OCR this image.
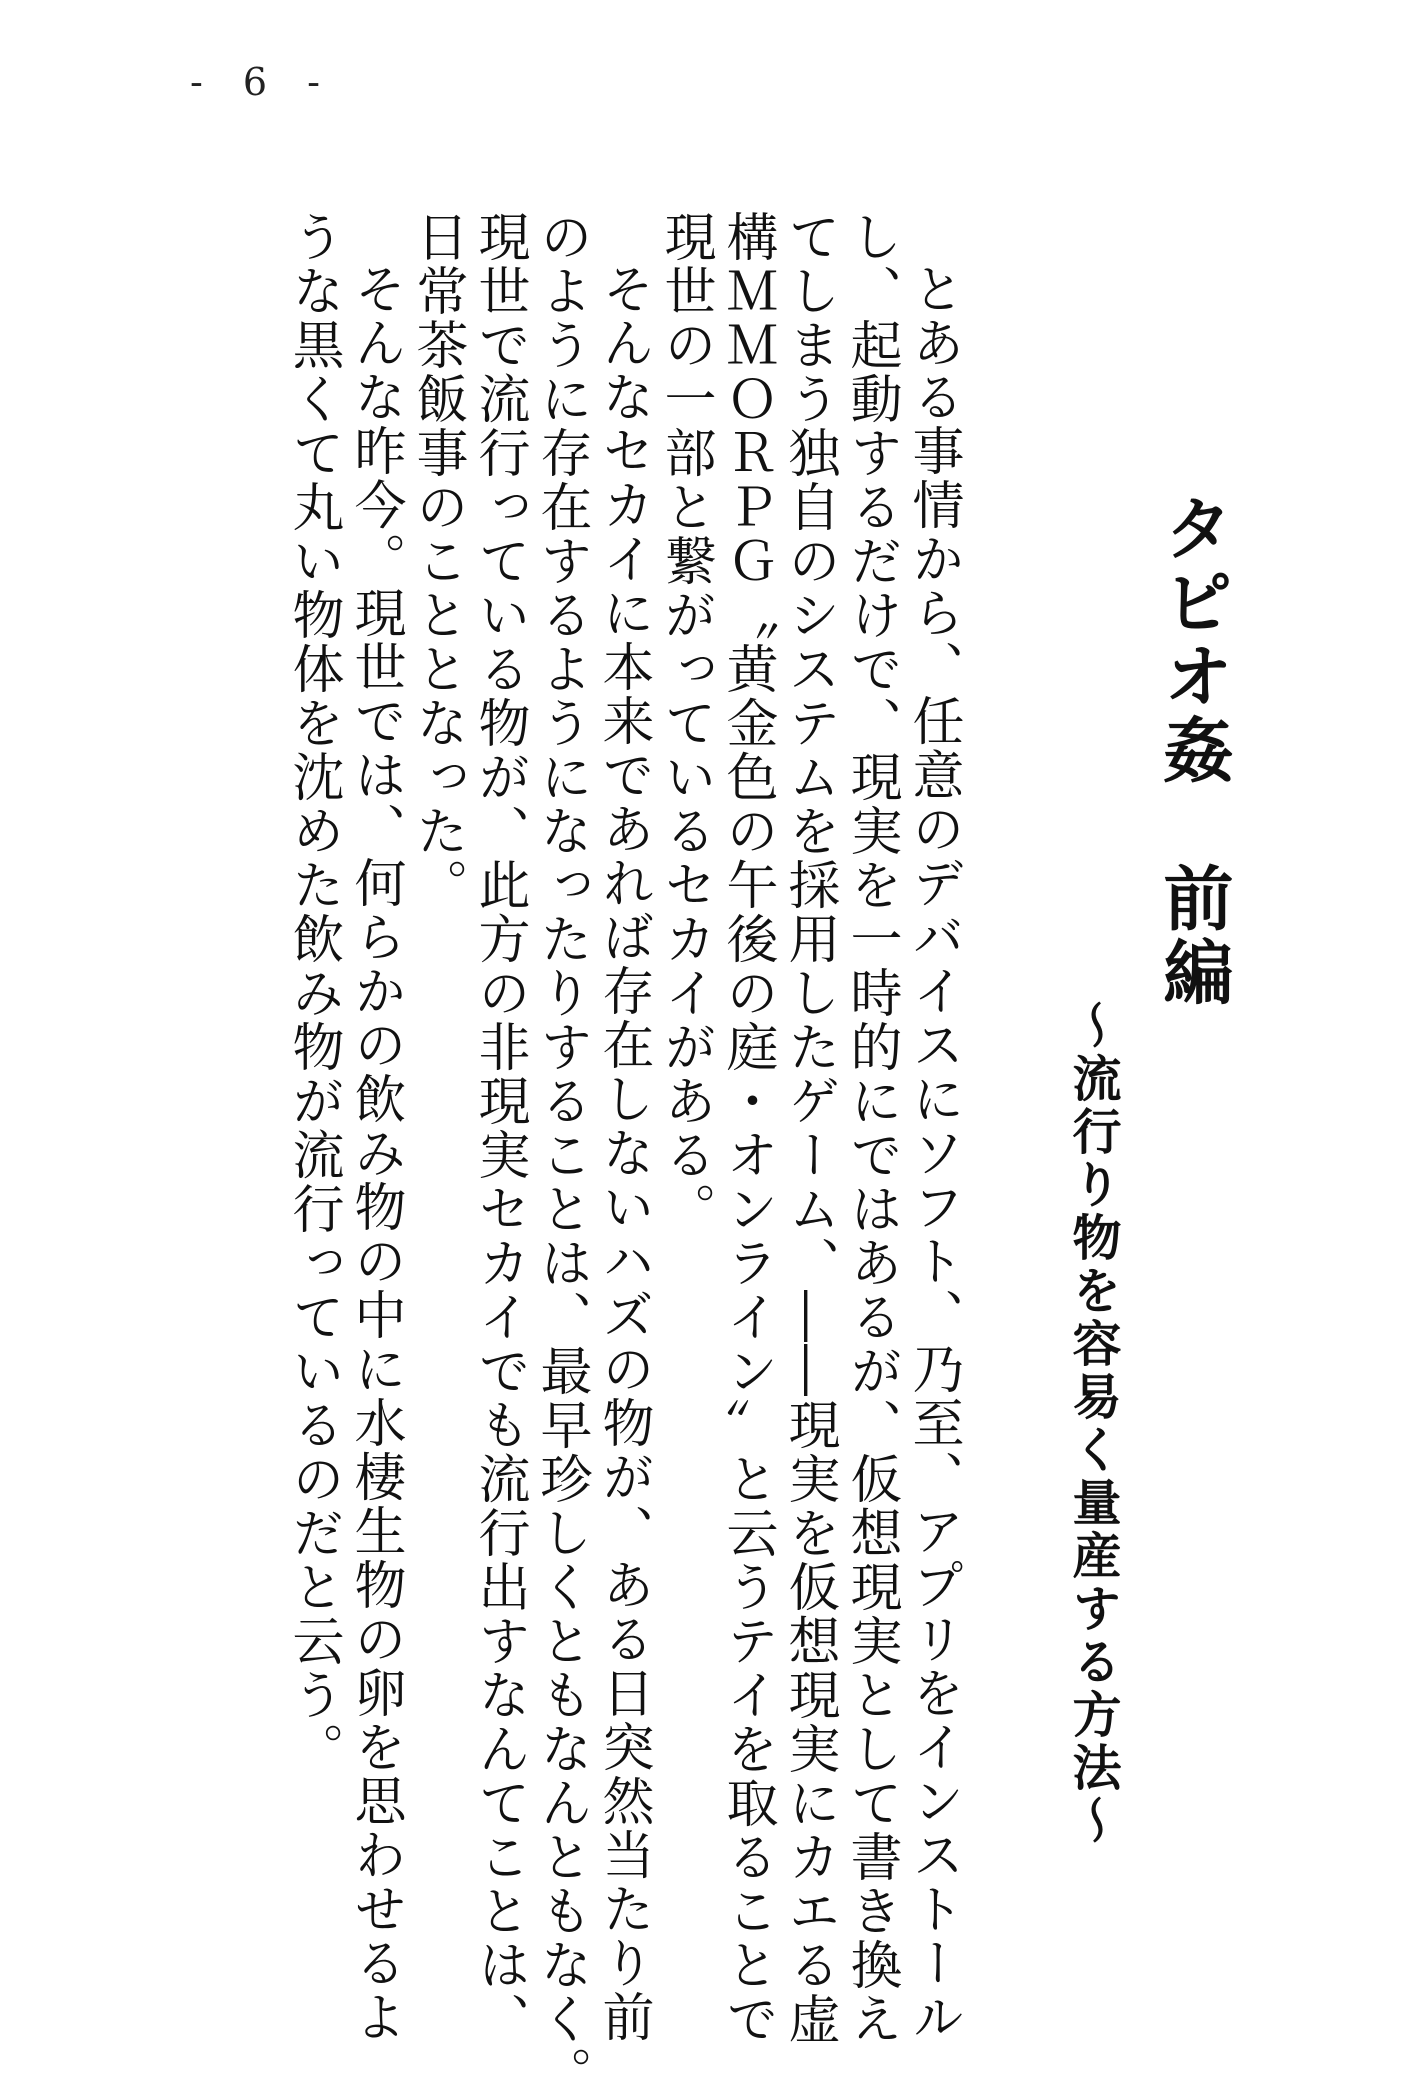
- 6 -
タピオ姦　前編
～流行り物を容易く量産する方法～

とある事情から、任意のデバイスにソフト、乃至、アプリをインストール

し、起動するだけで、現実を一時的にではあるが、仮想現実として書き換え

てしまう独自のシステムを採用したゲーム、――現実を仮想現実にカエる虚

構ＭＭＯＲＰＧ〝黄金色の午後の庭・オンライン〟と云うテイを取ることで

現世の一部と繋がっているセカイがある。

そんなセカイに本来であれば存在しないハズの物が、ある日突然当たり前

のように存在するようになったりすることは、最早珍しくともなんともなく。

現世で流行っている物が、此方の非現実セカイでも流行出すなんてことは、

日常茶飯事のこととなった。

そんな昨今。現世では、何らかの飲み物の中に水棲生物の卵を思わせるよ

うな黒くて丸い物体を沈めた飲み物が流行っているのだと云う。
